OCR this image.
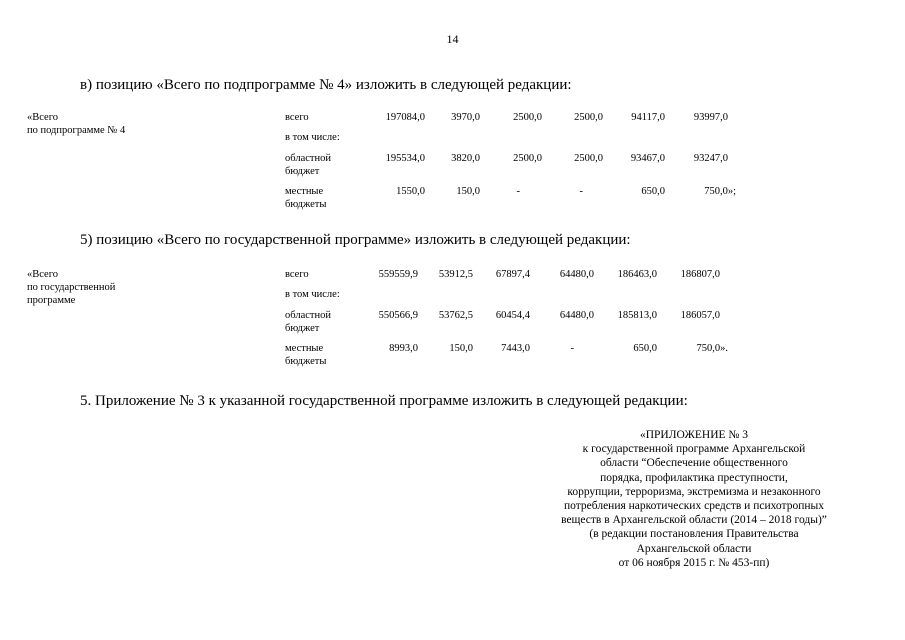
14
в) позицию «Всего по подпрограмме № 4» изложить в следующей редакции:
«Всего
по подпрограмме № 4
всего	197084,0	3970,0	2500,0	2500,0	94117,0	93997,0
в том числе:
областной
бюджет
195534,0	3820,0	2500,0	2500,0	93467,0	93247,0
местные
бюджеты
1550,0	150,0	-	-	650,0	750,0»;
5) позицию «Всего по государственной программе» изложить в следующей редакции:
«Всего
по государственной
программе
всего	559559,9	53912,5	67897,4	64480,0	186463,0	186807,0
в том числе:
областной
бюджет
550566,9	53762,5	60454,4	64480,0	185813,0	186057,0
местные
бюджеты
8993,0	150,0	7443,0	-	650,0	750,0».
5. Приложение № 3 к указанной государственной программе изложить в следующей редакции:
«ПРИЛОЖЕНИЕ № 3
к государственной программе Архангельской
области “Обеспечение общественного
порядка, профилактика преступности,
коррупции, терроризма, экстремизма и незаконного
потребления наркотических средств и психотропных
веществ в Архангельской области (2014 – 2018 годы)”
(в редакции постановления Правительства
Архангельской области
от 06 ноября 2015 г. № 453-пп)
